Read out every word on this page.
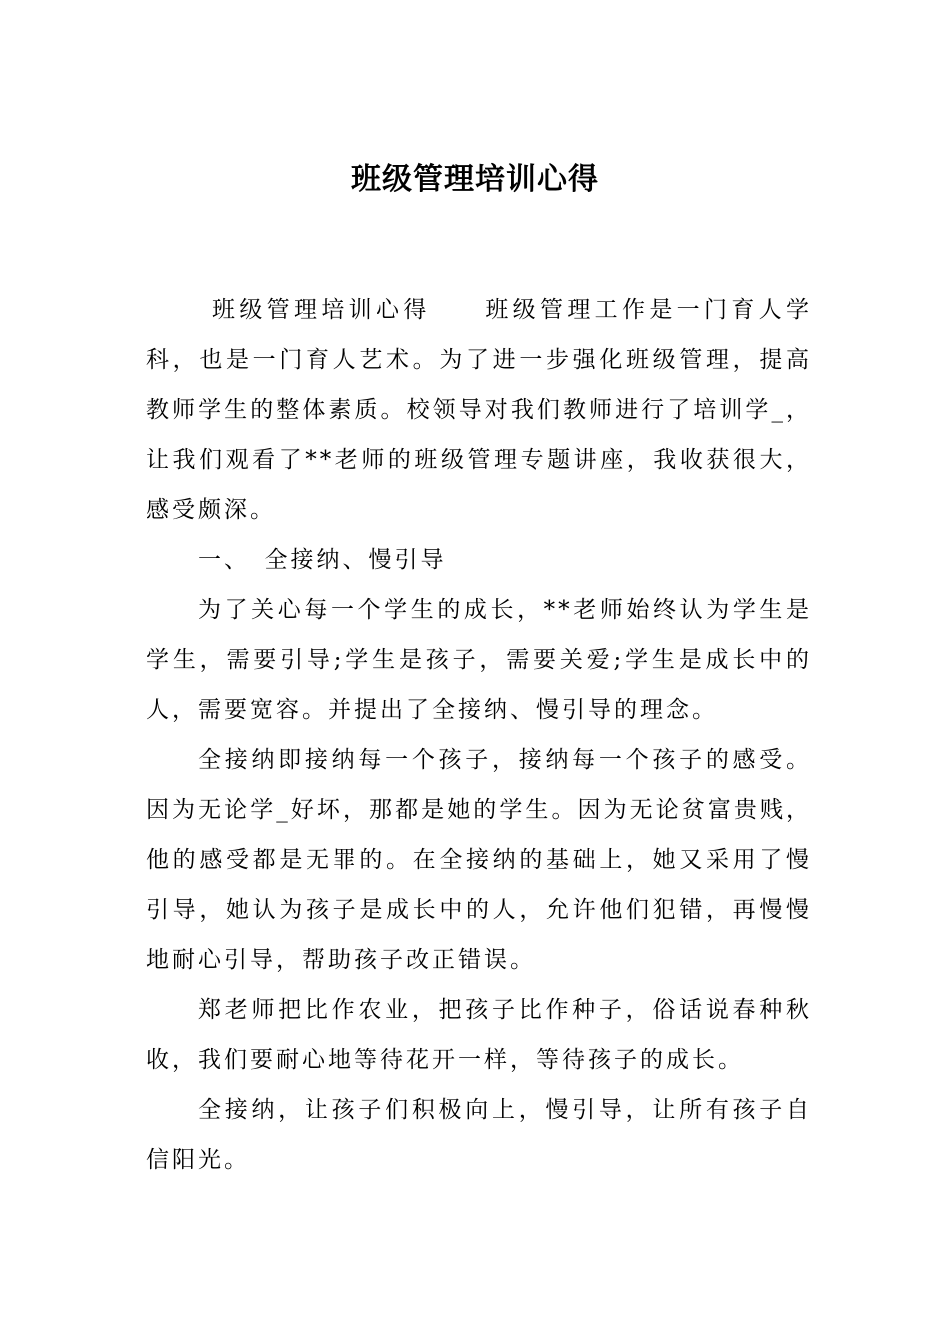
班级管理培训心得

班级管理培训心得　　班级管理工作是一门育人学科，也是一门育人艺术。为了进一步强化班级管理，提高教师学生的整体素质。校领导对我们教师进行了培训学_，让我们观看了**老师的班级管理专题讲座，我收获很大，感受颇深。

一、　全接纳、慢引导

为了关心每一个学生的成长，**老师始终认为学生是学生，需要引导;学生是孩子，需要关爱;学生是成长中的人，需要宽容。并提出了全接纳、慢引导的理念。

全接纳即接纳每一个孩子，接纳每一个孩子的感受。因为无论学_好坏，那都是她的学生。因为无论贫富贵贱，他的感受都是无罪的。在全接纳的基础上，她又采用了慢引导，她认为孩子是成长中的人，允许他们犯错，再慢慢地耐心引导，帮助孩子改正错误。

郑老师把比作农业，把孩子比作种子，俗话说春种秋收，我们要耐心地等待花开一样，等待孩子的成长。

全接纳，让孩子们积极向上，慢引导，让所有孩子自信阳光。
